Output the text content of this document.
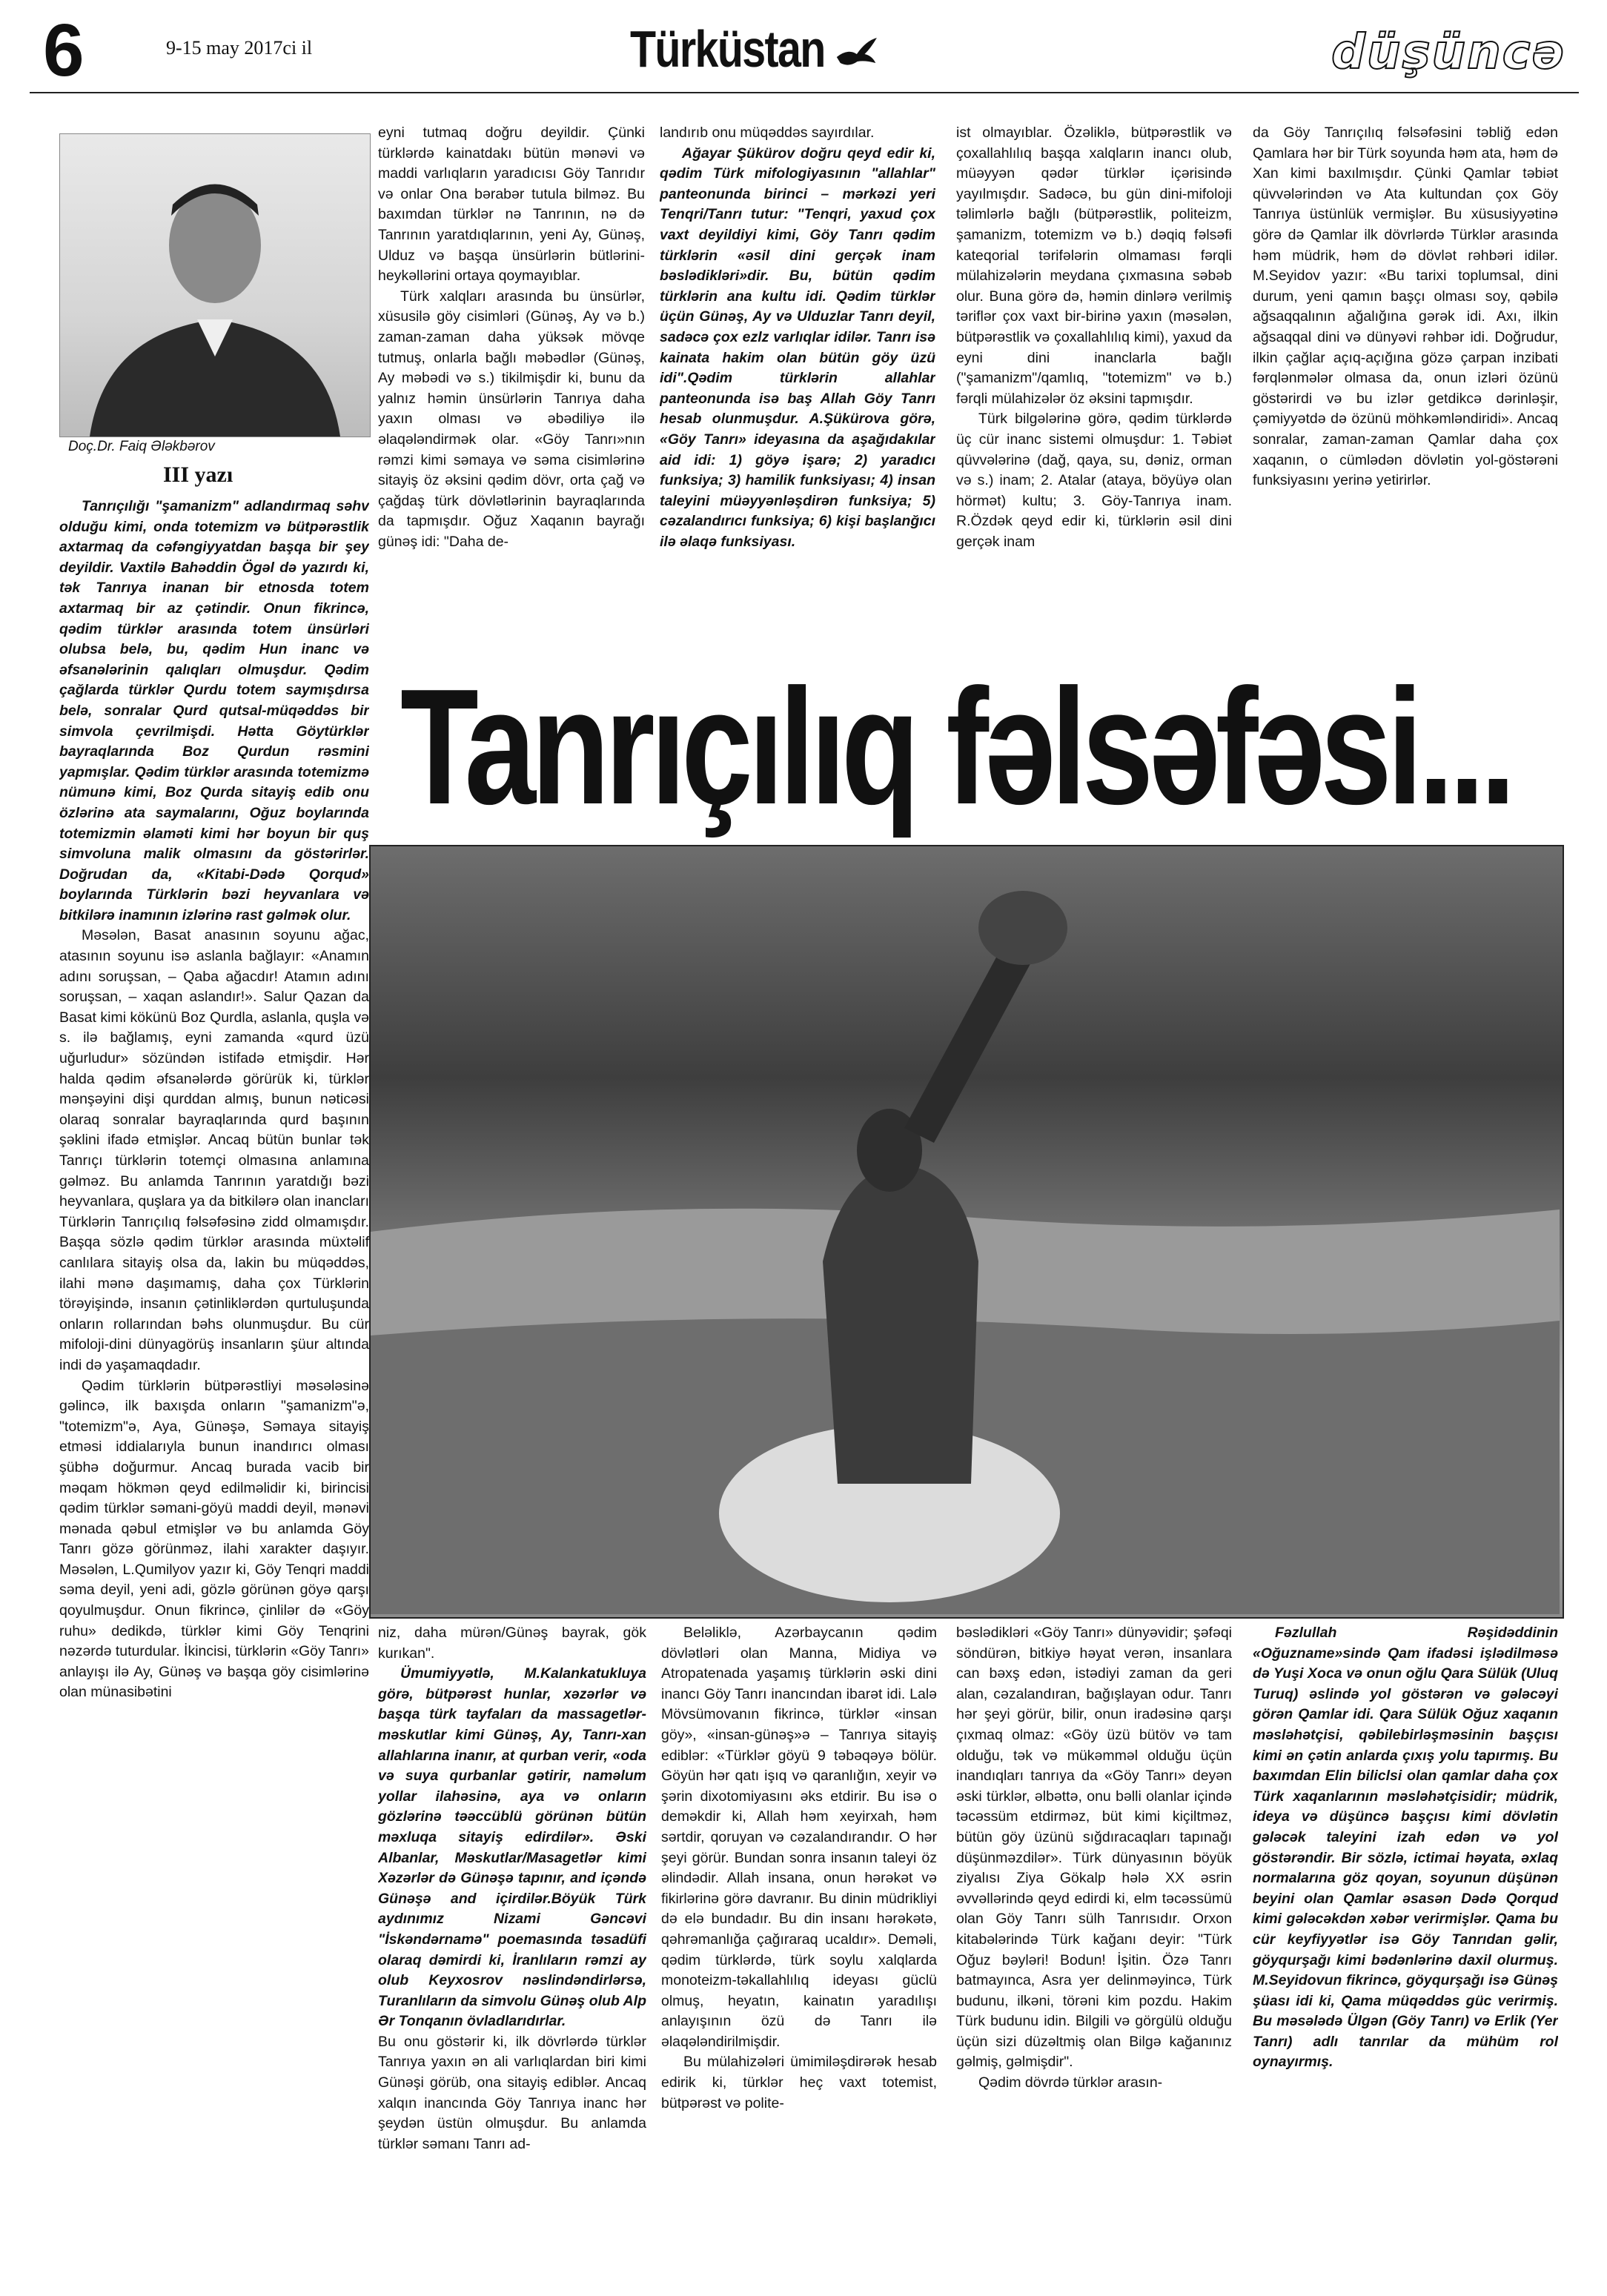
6	9-15 may 2017ci il	Türküstan	düşüncə
Doç.Dr. Faiq Ələkbərov
III yazı

Tanrıçılığı "şamanizm" adlandırmaq səhv olduğu kimi, onda totemizm və bütpərəstlik axtarmaq da cəfəngiyyatdan başqa bir şey deyildir. Vaxtilə Bahəddin Ögəl də yazırdı ki, tək Tanrıya inanan bir etnosda totem axtarmaq bir az çətindir. Onun fikrincə, qədim türklər arasında totem ünsürləri olubsa belə, bu, qədim Hun inanc və əfsanələrinin qalıqları olmuşdur. Qədim çağlarda türklər Qurdu totem saymışdırsa belə, sonralar Qurd qutsal-müqəddəs bir simvola çevrilmişdi. Hətta Göytürklər bayraqlarında Boz Qurdun rəsmini yapmışlar. Qədim türklər arasında totemizmə nümunə kimi, Boz Qurda sitayiş edib onu özlərinə ata saymalarını, Oğuz boylarında totemizmin əlaməti kimi hər boyun bir quş simvoluna malik olmasını da göstərirlər. Doğrudan da, «Kitabi-Dədə Qorqud» boylarında Türklərin bəzi heyvanlara və bitkilərə inamının izlərinə rast gəlmək olur.

Məsələn, Basat anasının soyunu ağac, atasının soyunu isə aslanla bağlayır: «Anamın adını soruşsan, – Qaba ağacdır! Atamın adını soruşsan, – xaqan aslandır!». Salur Qazan da Basat kimi kökünü Boz Qurdla, aslanla, quşla və s. ilə bağlamış, eyni zamanda «qurd üzü uğurludur» sözündən istifadə etmişdir. Hər halda qədim əfsanələrdə görürük ki, türklər mənşəyini dişi qurddan almış, bunun nəticəsi olaraq sonralar bayraqlarında qurd başının şəklini ifadə etmişlər. Ancaq bütün bunlar tək Tanrıçı türklərin totemçi olmasına anlamına gəlməz. Bu anlamda Tanrının yaratdığı bəzi heyvanlara, quşlara ya da bitkilərə olan inancları Türklərin Tanrıçılıq fəlsəfəsinə zidd olmamışdır. Başqa sözlə qədim türklər arasında müxtəlif canlılara sitayiş olsa da, lakin bu müqəddəs, ilahi mənə daşımamış, daha çox Türklərin törəyişində, insanın çətinliklərdən qurtuluşunda onların rollarından bəhs olunmuşdur. Bu cür mifoloji-dini dünyagörüş insanların şüur altında indi də yaşamaqdadır.

Qədim türklərin bütpərəstliyi məsələsinə gəlincə, ilk baxışda onların "şamanizm"ə, "totemizm"ə, Aya, Günəşə, Səmaya sitayiş etməsi iddialarıyla bunun inandırıcı olması şübhə doğurmur. Ancaq burada vacib bir məqam hökmən qeyd edilməlidir ki, birincisi qədim türklər səmani-göyü maddi deyil, mənəvi mənada qəbul etmişlər və bu anlamda Göy Tanrı gözə görünməz, ilahi xarakter daşıyır. Məsələn, L.Qumilyov yazır ki, Göy Tenqri maddi səma deyil, yeni adi, gözlə görünən göyə qarşı qoyulmuşdur. Onun fikrincə, çinlilər də «Göy ruhu» dedikdə, türklər kimi Göy Tenqrini nəzərdə tuturdular. İkincisi, türklərin «Göy Tanrı» anlayışı ilə Ay, Günəş və başqa göy cisimlərinə olan münasibətini

eyni tutmaq doğru deyildir. Çünki türklərdə kainatdakı bütün mənəvi və maddi varlıqların yaradıcısı Göy Tanrıdır və onlar Ona bərabər tutula bilməz. Bu baxımdan türklər nə Tanrının, nə də Tanrının yaratdıqlarının, yeni Ay, Günəş, Ulduz və başqa ünsürlərin bütlərini-heykəllərini ortaya qoymayıblar.

Türk xalqları arasında bu ünsürlər, xüsusilə göy cisimləri (Günəş, Ay və b.) zaman-zaman daha yüksək mövqe tutmuş, onlarla bağlı məbədlər (Günəş, Ay məbədi və s.) tikilmişdir ki, bunu da yalnız həmin ünsürlərin Tanrıya daha yaxın olması və əbədiliyə ilə əlaqələndirmək olar. «Göy Tanrı»nın rəmzi kimi səmaya və səma cisimlərinə sitayiş öz əksini qədim dövr, orta çağ və çağdaş türk dövlətlərinin bayraqlarında da tapmışdır. Oğuz Xaqanın bayrağı günəş idi: "Daha de-

landırıb onu müqəddəs sayırdılar.

Ağayar Şükürov doğru qeyd edir ki, qədim Türk mifologiyasının "allahlar" panteonunda birinci – mərkəzi yeri Tenqri/Tanrı tutur: "Tenqri, yaxud çox vaxt deyildiyi kimi, Göy Tanrı qədim türklərin «əsil dini gerçək inam bəslədikləri»dir. Bu, bütün qədim türklərin ana kultu idi. Qədim türklər üçün Günəş, Ay və Ulduzlar Tanrı deyil, sadəcə çox ezlz varlıqlar idilər. Tanrı isə kainata hakim olan bütün göy üzü idi".Qədim türklərin allahlar panteonunda isə baş Allah Göy Tanrı hesab olunmuşdur. A.Şükürova görə, «Göy Tanrı» ideyasına da aşağıdakılar aid idi: 1) göyə işarə; 2) yaradıcı funksiya; 3) hamilik funksiyası; 4) insan taleyini müəyyənləşdirən funksiya; 5) cəzalandırıcı funksiya; 6) kişi başlanğıcı ilə əlaqə funksiyası.

ist olmayıblar. Özəliklə, bütpərəstlik və çoxallahlılıq başqa xalqların inancı olub, müəyyən qədər türklər içərisində yayılmışdır. Sadəcə, bu gün dini-mifoloji təlimlərlə bağlı (bütpərəstlik, politeizm, şamanizm, totemizm və b.) dəqiq fəlsəfi kateqorial tərifələrin olmaması fərqli mülahizələrin meydana çıxmasına səbəb olur. Buna görə də, həmin dinlərə verilmiş təriflər çox vaxt bir-birinə yaxın (məsələn, bütpərəstlik və çoxallahlılıq kimi), yaxud da eyni dini inanclarla bağlı ("şamanizm"/qamlıq, "totemizm" və b.) fərqli mülahizələr öz əksini tapmışdır.

Türk bilgələrinə görə, qədim türklərdə üç cür inanc sistemi olmuşdur: 1. Təbiət qüvvələrinə (dağ, qaya, su, dəniz, orman və s.) inam; 2. Atalar (ataya, böyüyə olan hörmət) kultu; 3. Göy-Tanrıya inam. R.Özdək qeyd edir ki, türklərin əsil dini gerçək inam

da Göy Tanrıçılıq fəlsəfəsini təbliğ edən Qamlara hər bir Türk soyunda həm ata, həm də Xan kimi baxılmışdır. Çünki Qamlar təbiət qüvvələrindən və Ata kultundan çox Göy Tanrıya üstünlük vermişlər. Bu xüsusiyyətinə görə də Qamlar ilk dövrlərdə Türklər arasında həm müdrik, həm də dövlət rəhbəri idilər. M.Seyidov yazır: «Bu tarixi toplumsal, dini durum, yeni qamın başçı olması soy, qəbilə ağsaqqalının ağalığına gərək idi. Axı, ilkin ağsaqqal dini və dünyəvi rəhbər idi. Doğrudur, ilkin çağlar açıq-açığına gözə çarpan inzibati fərqlənmələr olmasa da, onun izləri özünü göstərirdi və bu izlər getdikcə dərinləşir, çəmiyyətdə də özünü möhkəmləndiridi». Ancaq sonralar, zaman-zaman Qamlar daha çox xaqanın, o cümlədən dövlətin yol-göstərəni funksiyasını yerinə yetirirlər.

Tanrıçılıq fəlsəfəsi...

niz, daha mürən/Günəş bayrak, gök kurıkan".

Ümumiyyətlə, M.Kalankatukluya görə, bütpərəst hunlar, xəzərlər və başqa türk tayfaları da massagetlər-məskutlar kimi Günəş, Ay, Tanrı-xan allahlarına inanır, at qurban verir, «oda və suya qurbanlar gətirir, naməlum yollar ilahəsinə, aya və onların gözlərinə təəccüblü görünən bütün məxluqa sitayiş edirdilər». Əski Albanlar, Məskutlar/Masagetlər kimi Xəzərlər də Günəşə tapınır, and içəndə Günəşə and içirdilər.Böyük Türk aydınımız Nizami Gəncəvi "İskəndərnamə" poemasında təsadüfi olaraq dəmirdi ki, İranlıların rəmzi ay olub Keyxosrov nəslindəndirlərsə, Turanlıların da simvolu Günəş olub Alp Ər Tonqanın övladlarıdırlar.

Bu onu göstərir ki, ilk dövrlərdə türklər Tanrıya yaxın ən ali varlıqlardan biri kimi Günəşi görüb, ona sitayiş ediblər. Ancaq xalqın inancında Göy Tanrıya inanc hər şeydən üstün olmuşdur. Bu anlamda türklər səmanı Tanrı ad-

Beləliklə, Azərbaycanın qədim dövlətləri olan Manna, Midiya və Atropatenada yaşamış türklərin əski dini inancı Göy Tanrı inancından ibarət idi. Lalə Mövsümovanın fikrincə, türklər «insan göy», «insan-günəş»ə – Tanrıya sitayiş ediblər: «Türklər göyü 9 təbəqəyə bölür. Göyün hər qatı işıq və qaranlığın, xeyir və şərin dixotomiyasını əks etdirir. Bu isə o deməkdir ki, Allah həm xeyirxah, həm sərtdir, qoruyan və cəzalandırandır. O hər şeyi görür. Bundan sonra insanın taleyi öz əlindədir. Allah insana, onun hərəkət və fikirlərinə görə davranır. Bu dinin müdrikliyi də elə bundadır. Bu din insanı hərəkətə, qəhrəmanlığa çağıraraq ucaldır». Deməli, qədim türklərdə, türk soylu xalqlarda monoteizm-təkallahlılıq ideyası güclü olmuş, heyatın, kainatın yaradılışı anlayışının özü də Tanrı ilə əlaqələndirilmişdir.

Bu mülahizələri ümimiləşdirərək hesab edirik ki, türklər heç vaxt totemist, bütpərəst və polite-

bəslədikləri «Göy Tanrı» dünyəvidir; şəfəqi söndürən, bitkiyə həyat verən, insanlara can bəxş edən, istədiyi zaman da geri alan, cəzalandıran, bağışlayan odur. Tanrı hər şeyi görür, bilir, onun iradəsinə qarşı çıxmaq olmaz: «Göy üzü bütöv və tam olduğu, tək və mükəmməl olduğu üçün inandıqları tanrıya da «Göy Tanrı» deyən əski türklər, əlbəttə, onu bəlli olanlar içində təcəssüm etdirməz, büt kimi kiçiltməz, bütün göy üzünü sığdıracaqları tapınağı düşünməzdilər». Türk dünyasının böyük ziyalısı Ziya Gökalp hələ XX əsrin əvvəllərində qeyd edirdi ki, elm təcəssümü olan Göy Tanrı sülh Tanrısıdır. Orxon kitabələrində Türk kağanı deyir: "Türk Oğuz bəyləri! Bodun! İşitin. Özə Tanrı batmayınca, Asra yer delinməyincə, Türk budunu, ilkəni, törəni kim pozdu. Hakim Türk budunu idin. Bilgili və görgülü olduğu üçün sizi düzəltmiş olan Bilgə kağanınız gəlmiş, gəlmişdir".

Qədim dövrdə türklər arasın-

Fəzlullah Rəşidəddinin «Oğuzname»sində Qam ifadəsi işlədilməsə də Yuşi Xoca və onun oğlu Qara Sülük (Uluq Turuq) əslində yol göstərən və gələcəyi görən Qamlar idi. Qara Sülük Oğuz xaqanın məsləhətçisi, qəbilebirləşməsinin başçısı kimi ən çətin anlarda çıxış yolu tapırmış. Bu baxımdan Elin biliclsi olan qamlar daha çox Türk xaqanlarının məsləhətçisidir; müdrik, ideya və düşüncə başçısı kimi dövlətin gələcək taleyini izah edən və yol göstərəndir. Bir sözlə, ictimai həyata, əxlaq normalarına göz qoyan, soyunun düşünən beyini olan Qamlar əsasən Dədə Qorqud kimi gələcəkdən xəbər verirmişlər. Qama bu cür keyfiyyətlər isə Göy Tanrıdan gəlir, göyqurşağı kimi bədənlərinə daxil olurmuş. M.Seyidovun fikrincə, göyqurşağı isə Günəş şüası idi ki, Qama müqəddəs güc verirmiş. Bu məsələdə Ülgən (Göy Tanrı) və Erlik (Yer Tanrı) adlı tanrılar da mühüm rol oynayırmış.
